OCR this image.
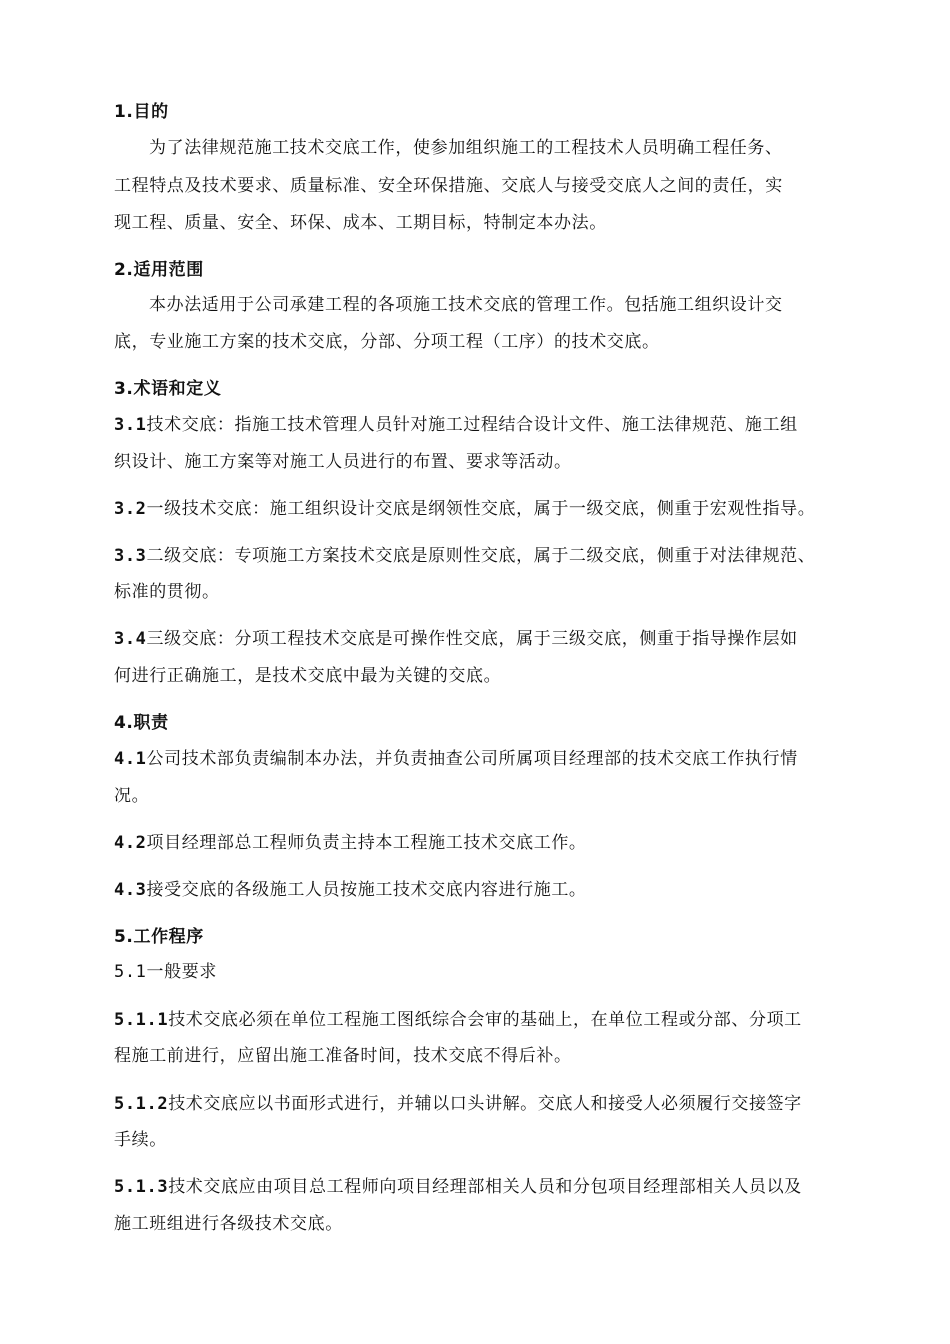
1.目的
为了法律规范施工技术交底工作，使参加组织施工的工程技术人员明确工程任务、
工程特点及技术要求、质量标准、安全环保措施、交底人与接受交底人之间的责任，实
现工程、质量、安全、环保、成本、工期目标，特制定本办法。
2.适用范围
本办法适用于公司承建工程的各项施工技术交底的管理工作。包括施工组织设计交
底，专业施工方案的技术交底，分部、分项工程（工序）的技术交底。
3.术语和定义
3.1技术交底：指施工技术管理人员针对施工过程结合设计文件、施工法律规范、施工组
织设计、施工方案等对施工人员进行的布置、要求等活动。
3.2一级技术交底：施工组织设计交底是纲领性交底，属于一级交底，侧重于宏观性指导。
3.3二级交底：专项施工方案技术交底是原则性交底，属于二级交底，侧重于对法律规范、
标准的贯彻。
3.4三级交底：分项工程技术交底是可操作性交底，属于三级交底，侧重于指导操作层如
何进行正确施工，是技术交底中最为关键的交底。
4.职责
4.1公司技术部负责编制本办法，并负责抽查公司所属项目经理部的技术交底工作执行情
况。
4.2项目经理部总工程师负责主持本工程施工技术交底工作。
4.3接受交底的各级施工人员按施工技术交底内容进行施工。
5.工作程序
5.1一般要求
5.1.1技术交底必须在单位工程施工图纸综合会审的基础上，在单位工程或分部、分项工
程施工前进行，应留出施工准备时间，技术交底不得后补。
5.1.2技术交底应以书面形式进行，并辅以口头讲解。交底人和接受人必须履行交接签字
手续。
5.1.3技术交底应由项目总工程师向项目经理部相关人员和分包项目经理部相关人员以及
施工班组进行各级技术交底。
